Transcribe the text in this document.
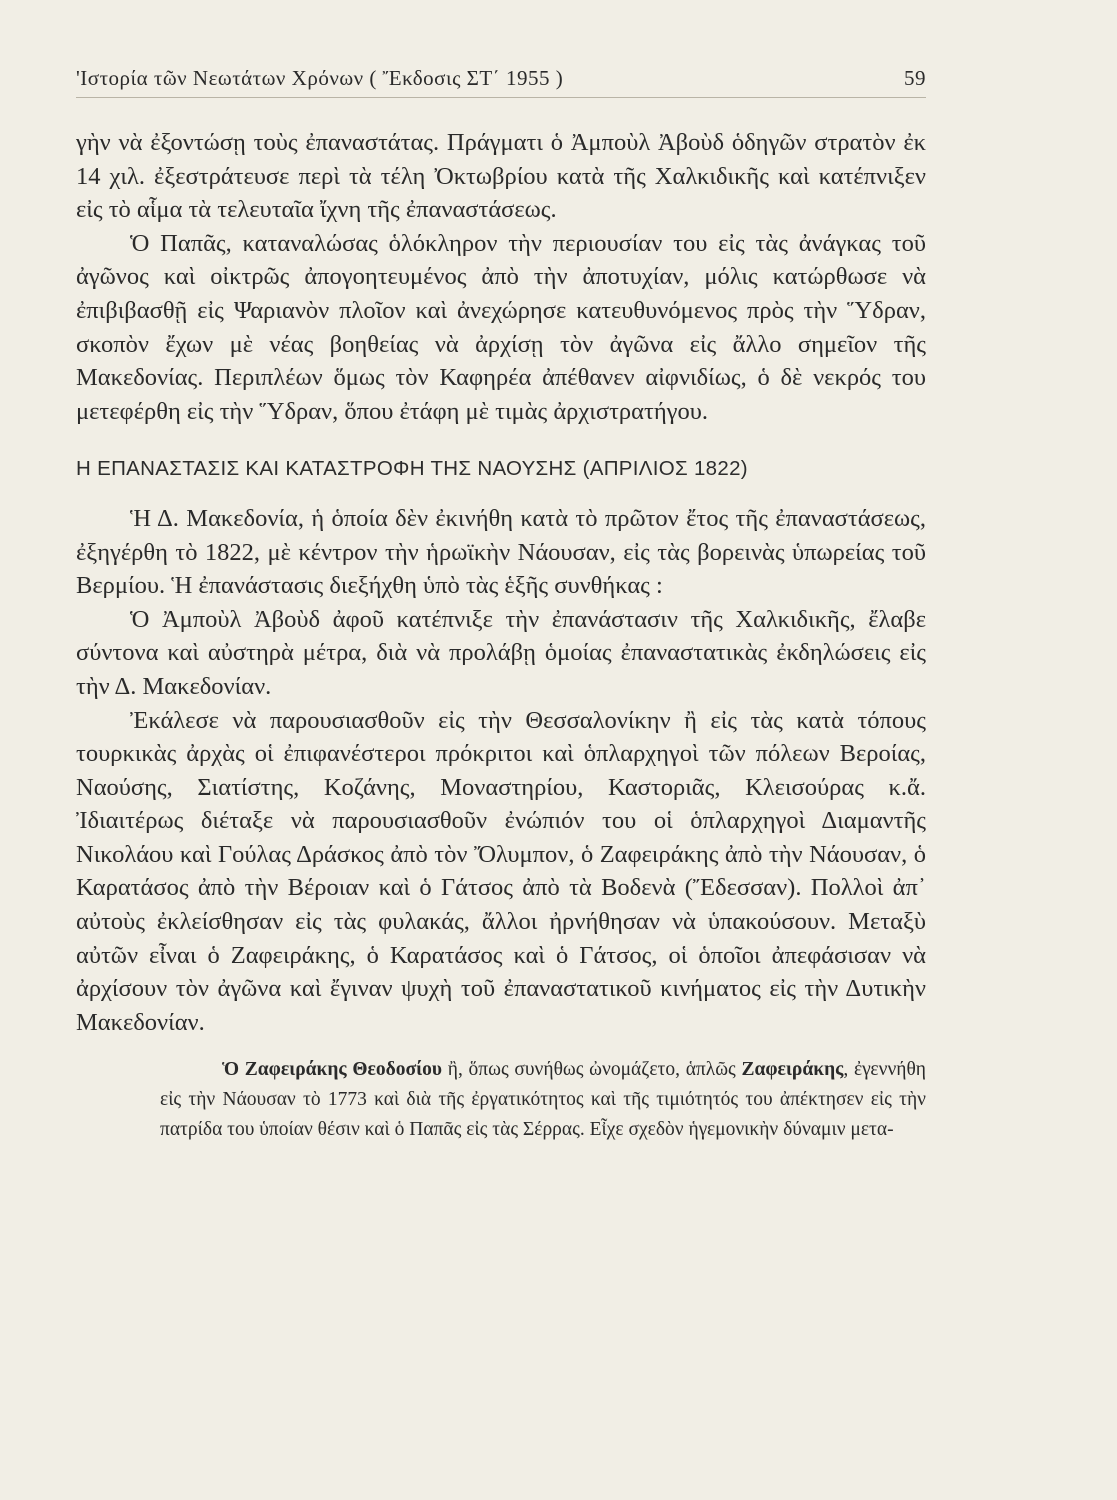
'Ιστορία τῶν Νεωτάτων Χρόνων ( Ἔκδοσις ΣΤ΄ 1955 )	59

γὴν νὰ ἐξοντώσῃ τοὺς ἐπαναστάτας. Πράγματι ὁ Ἀμποὺλ Ἀβοὺδ ὁδηγῶν στρατὸν ἐκ 14 χιλ. ἐξεστράτευσε περὶ τὰ τέλη Ὀκτωβρίου κατὰ τῆς Χαλκιδικῆς καὶ κατέπνιξεν εἰς τὸ αἷμα τὰ τελευταῖα ἴχνη τῆς ἐπαναστάσεως.

Ὁ Παπᾶς, καταναλώσας ὁλόκληρον τὴν περιουσίαν του εἰς τὰς ἀνάγκας τοῦ ἀγῶνος καὶ οἰκτρῶς ἀπογοητευμένος ἀπὸ τὴν ἀποτυχίαν, μόλις κατώρθωσε νὰ ἐπιβιβασθῇ εἰς Ψαριανὸν πλοῖον καὶ ἀνεχώρησε κατευθυνόμενος πρὸς τὴν Ὕδραν, σκοπὸν ἔχων μὲ νέας βοηθείας νὰ ἀρχίσῃ τὸν ἀγῶνα εἰς ἄλλο σημεῖον τῆς Μακεδονίας. Περιπλέων ὅμως τὸν Καφηρέα ἀπέθανεν αἰφνιδίως, ὁ δὲ νεκρός του μετεφέρθη εἰς τὴν Ὕδραν, ὅπου ἐτάφη μὲ τιμὰς ἀρχιστρατήγου.

Η ΕΠΑΝΑΣΤΑΣΙΣ ΚΑΙ ΚΑΤΑΣΤΡΟΦΗ ΤΗΣ ΝΑΟΥΣΗΣ (ΑΠΡΙΛΙΟΣ 1822)

Ἡ Δ. Μακεδονία, ἡ ὁποία δὲν ἐκινήθη κατὰ τὸ πρῶτον ἔτος τῆς ἐπαναστάσεως, ἐξηγέρθη τὸ 1822, μὲ κέντρον τὴν ἡρωϊκὴν Νάουσαν, εἰς τὰς βορεινὰς ὑπωρείας τοῦ Βερμίου. Ἡ ἐπανάστασις διεξήχθη ὑπὸ τὰς ἑξῆς συνθήκας :

Ὁ Ἀμποὺλ Ἀβοὺδ ἀφοῦ κατέπνιξε τὴν ἐπανάστασιν τῆς Χαλκιδικῆς, ἔλαβε σύντονα καὶ αὐστηρὰ μέτρα, διὰ νὰ προλάβῃ ὁμοίας ἐπαναστατικὰς ἐκδηλώσεις εἰς τὴν Δ. Μακεδονίαν.

Ἐκάλεσε νὰ παρουσιασθοῦν εἰς τὴν Θεσσαλονίκην ἢ εἰς τὰς κατὰ τόπους τουρκικὰς ἀρχὰς οἱ ἐπιφανέστεροι πρόκριτοι καὶ ὁπλαρχηγοὶ τῶν πόλεων Βεροίας, Ναούσης, Σιατίστης, Κοζάνης, Μοναστηρίου, Καστοριᾶς, Κλεισούρας κ.ἄ. Ἰδιαιτέρως διέταξε νὰ παρουσιασθοῦν ἐνώπιόν του οἱ ὁπλαρχηγοὶ Διαμαντῆς Νικολάου καὶ Γούλας Δράσκος ἀπὸ τὸν Ὄλυμπον, ὁ Ζαφειράκης ἀπὸ τὴν Νάουσαν, ὁ Καρατάσος ἀπὸ τὴν Βέροιαν καὶ ὁ Γάτσος ἀπὸ τὰ Βοδενὰ (Ἔδεσσαν). Πολλοὶ ἀπ᾽ αὐτοὺς ἐκλείσθησαν εἰς τὰς φυλακάς, ἄλλοι ἠρνήθησαν νὰ ὑπακούσουν. Μεταξὺ αὐτῶν εἶναι ὁ Ζαφειράκης, ὁ Καρατάσος καὶ ὁ Γάτσος, οἱ ὁποῖοι ἀπεφάσισαν νὰ ἀρχίσουν τὸν ἀγῶνα καὶ ἔγιναν ψυχὴ τοῦ ἐπαναστατικοῦ κινήματος εἰς τὴν Δυτικὴν Μακεδονίαν.

Ὁ Ζαφειράκης Θεοδοσίου ἢ, ὅπως συνήθως ὠνομάζετο, ἁπλῶς Ζαφειράκης, ἐγεννήθη εἰς τὴν Νάουσαν τὸ 1773 καὶ διὰ τῆς ἐργατικότητος καὶ τῆς τιμιότητός του ἀπέκτησεν εἰς τὴν πατρίδα του ὑποίαν θέσιν καὶ ὁ Παπᾶς εἰς τὰς Σέρρας. Εἶχε σχεδὸν ἡγεμονικὴν δύναμιν μετα-
